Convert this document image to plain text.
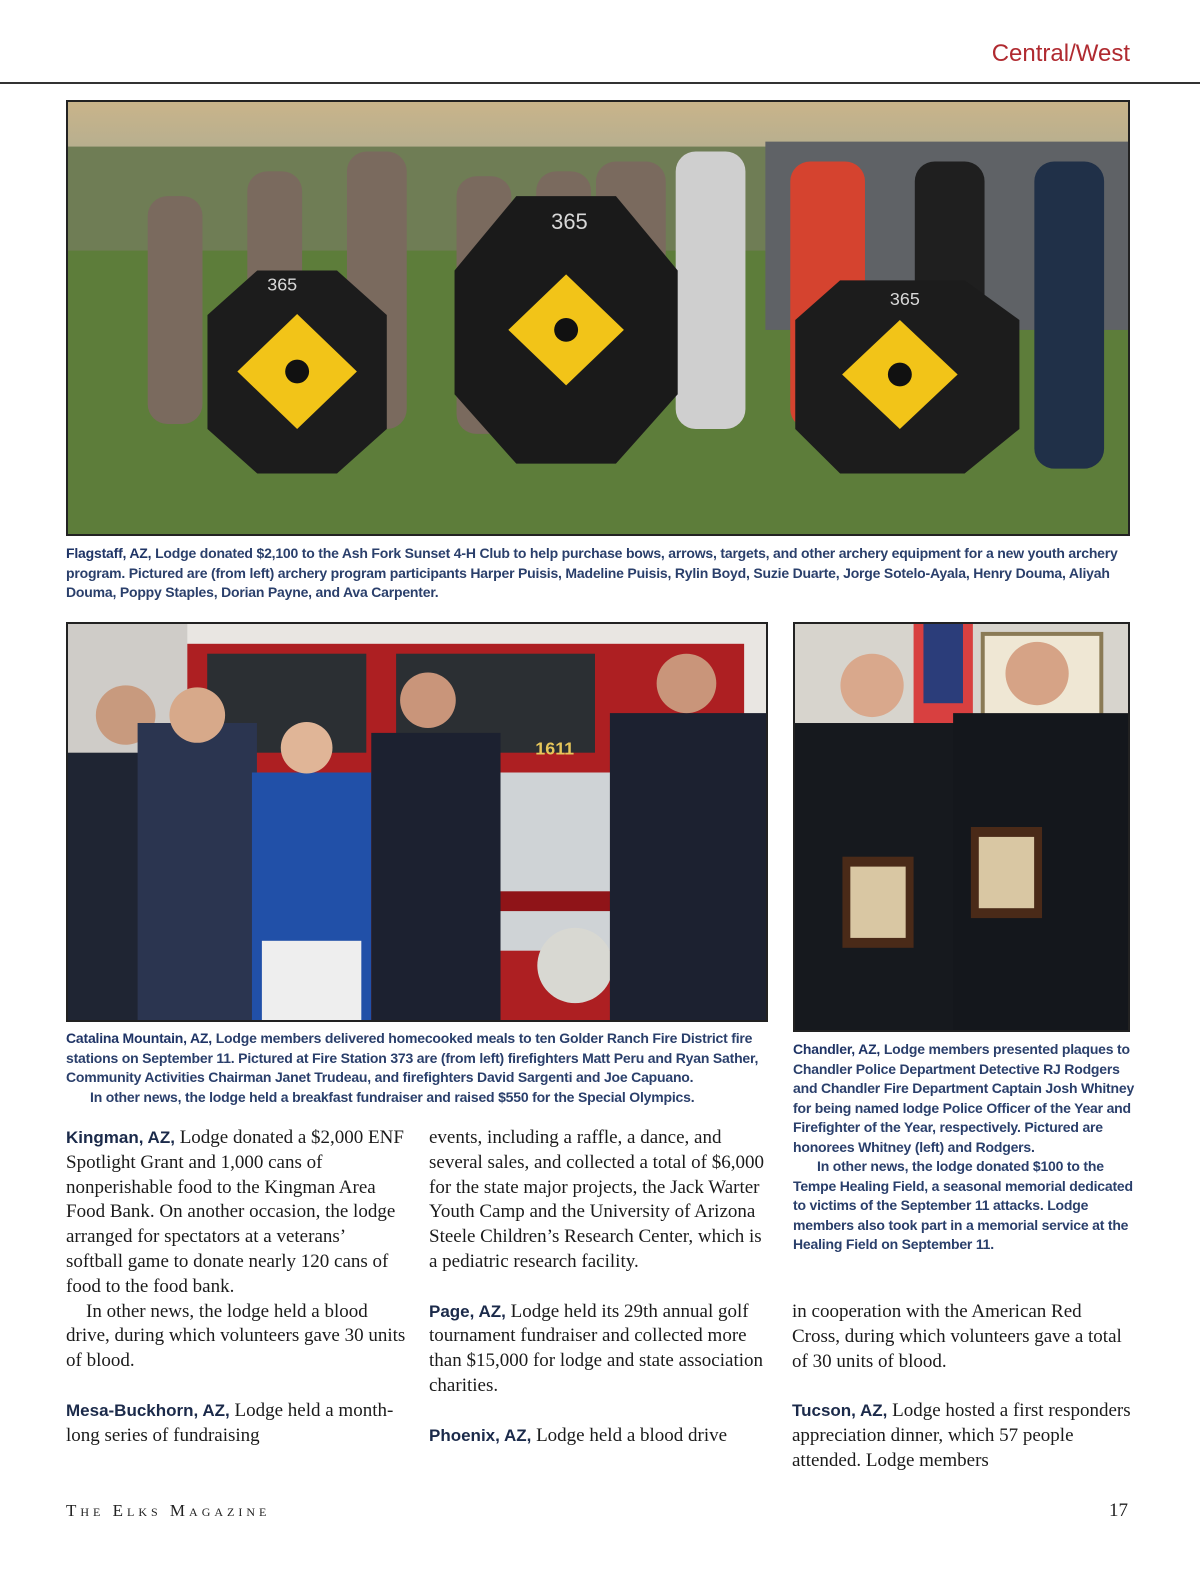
Central/West
365
365
365
Flagstaff, AZ, Lodge donated $2,100 to the Ash Fork Sunset 4-H Club to help purchase bows, arrows, targets, and other archery equipment for a new youth archery program. Pictured are (from left) archery program participants Harper Puisis, Madeline Puisis, Rylin Boyd, Suzie Duarte, Jorge Sotelo-Ayala, Henry Douma, Aliyah Douma, Poppy Staples, Dorian Payne, and Ava Carpenter.
1611
Catalina Mountain, AZ, Lodge members delivered homecooked meals to ten Golder Ranch Fire District fire stations on September 11. Pictured at Fire Station 373 are (from left) firefighters Matt Peru and Ryan Sather, Community Activities Chairman Janet Trudeau, and firefighters David Sargenti and Joe Capuano.
In other news, the lodge held a breakfast fundraiser and raised $550 for the Special Olympics.
Chandler, AZ, Lodge members presented plaques to Chandler Police Department Detective RJ Rodgers and Chandler Fire Department Captain Josh Whitney for being named lodge Police Officer of the Year and Firefighter of the Year, respectively. Pictured are honorees Whitney (left) and Rodgers.
In other news, the lodge donated $100 to the Tempe Healing Field, a seasonal memorial dedicated to victims of the September 11 attacks. Lodge members also took part in a memorial service at the Healing Field on September 11.

Kingman, AZ, Lodge donated a $2,000 ENF Spotlight Grant and 1,000 cans of nonperishable food to the Kingman Area Food Bank. On another occasion, the lodge arranged for spectators at a veterans’ softball game to donate nearly 120 cans of food to the food bank.

In other news, the lodge held a blood drive, during which volunteers gave 30 units of blood.

Mesa-Buckhorn, AZ, Lodge held a month-long series of fundraising

events, including a raffle, a dance, and several sales, and collected a total of $6,000 for the state major projects, the Jack Warter Youth Camp and the University of Arizona Steele Children’s Research Center, which is a pediatric research facility.

Page, AZ, Lodge held its 29th annual golf tournament fundraiser and collected more than $15,000 for lodge and state association charities.

Phoenix, AZ, Lodge held a blood drive

in cooperation with the American Red Cross, during which volunteers gave a total of 30 units of blood.

Tucson, AZ, Lodge hosted a first responders appreciation dinner, which 57 people attended. Lodge members

The Elks Magazine	17
